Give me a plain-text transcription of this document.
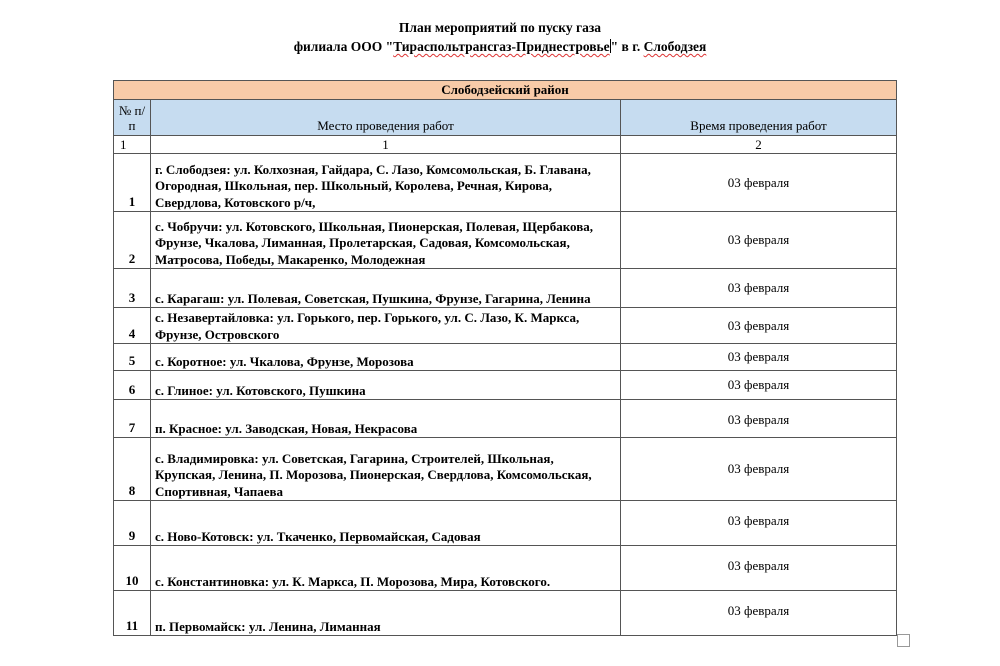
План мероприятий по пуску газа
филиала ООО "Тираспольтрансгаз-Приднестровье" в г. Слободзея
Слободзейский район		
№ п/п	Место проведения работ	Время проведения работ
1	1	2
1	г. Слободзея: ул. Колхозная, Гайдара, С. Лазо, Комсомольская, Б. Главана, Огородная, Школьная, пер. Школьный, Королева, Речная, Кирова, Свердлова, Котовского р/ч,	03 февраля
2	с. Чобручи: ул. Котовского, Школьная, Пионерская, Полевая, Щербакова, Фрунзе, Чкалова, Лиманная, Пролетарская, Садовая, Комсомольская, Матросова, Победы, Макаренко, Молодежная	03 февраля
3	с. Карагаш: ул. Полевая, Советская, Пушкина, Фрунзе, Гагарина, Ленина	03 февраля
4	с. Незавертайловка: ул. Горького, пер. Горького, ул. С. Лазо, К. Маркса, Фрунзе, Островского	03 февраля
5	с. Коротное: ул. Чкалова, Фрунзе, Морозова	03 февраля
6	с. Глиное: ул. Котовского, Пушкина	03 февраля
7	п. Красное: ул. Заводская, Новая, Некрасова	03 февраля
8	с. Владимировка: ул. Советская, Гагарина, Строителей, Школьная, Крупская, Ленина, П. Морозова, Пионерская, Свердлова, Комсомольская, Спортивная, Чапаева	03 февраля
9	с. Ново-Котовск: ул. Ткаченко, Первомайская, Садовая	03 февраля
10	с. Константиновка: ул. К. Маркса, П. Морозова, Мира, Котовского.	03 февраля
11	п. Первомайск: ул. Ленина, Лиманная	03 февраля
